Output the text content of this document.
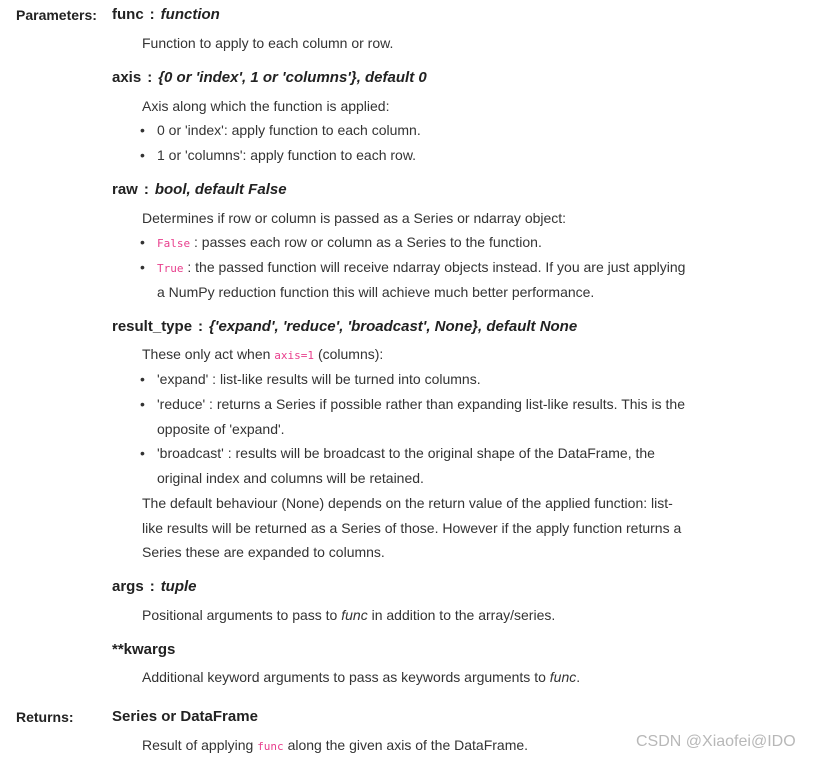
Parameters: func : function
Function to apply to each column or row.
axis : {0 or 'index', 1 or 'columns'}, default 0
Axis along which the function is applied:
0 or 'index': apply function to each column.
1 or 'columns': apply function to each row.
raw : bool, default False
Determines if row or column is passed as a Series or ndarray object:
False : passes each row or column as a Series to the function.
True : the passed function will receive ndarray objects instead. If you are just applying
a NumPy reduction function this will achieve much better performance.
result_type : {'expand', 'reduce', 'broadcast', None}, default None
These only act when axis=1 (columns):
'expand' : list-like results will be turned into columns.
'reduce' : returns a Series if possible rather than expanding list-like results. This is the
opposite of 'expand'.
'broadcast' : results will be broadcast to the original shape of the DataFrame, the
original index and columns will be retained.
The default behaviour (None) depends on the return value of the applied function: list-
like results will be returned as a Series of those. However if the apply function returns a
Series these are expanded to columns.
args : tuple
Positional arguments to pass to func in addition to the array/series.
**kwargs
Additional keyword arguments to pass as keywords arguments to func.
Returns:	Series or DataFrame
Result of applying func along the given axis of the DataFrame.	CSDN @Xiaofei@IDO
